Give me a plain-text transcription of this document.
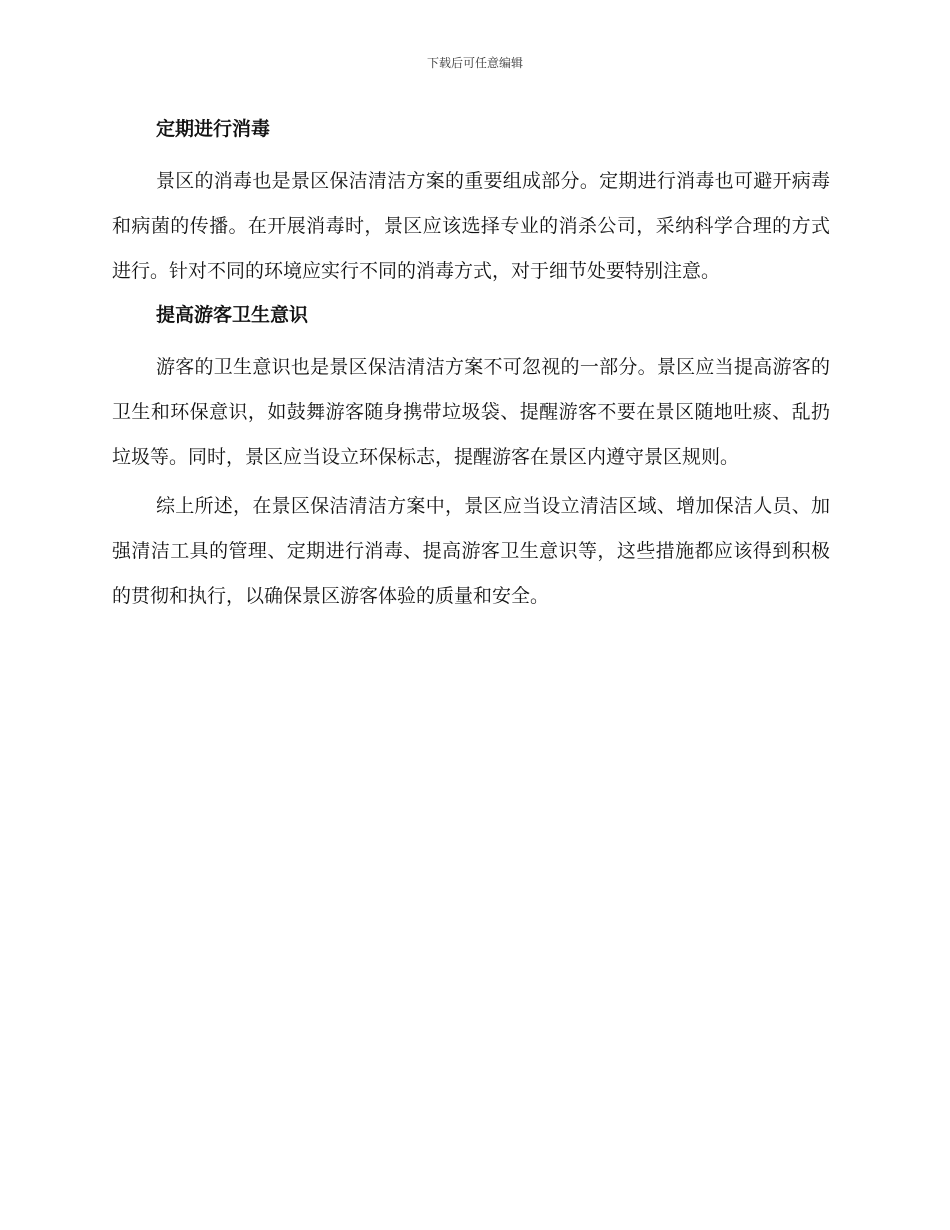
下载后可任意编辑
定期进行消毒

景区的消毒也是景区保洁清洁方案的重要组成部分。定期进行消毒也可避开病毒和病菌的传播。在开展消毒时，景区应该选择专业的消杀公司，采纳科学合理的方式进行。针对不同的环境应实行不同的消毒方式，对于细节处要特别注意。

提高游客卫生意识

游客的卫生意识也是景区保洁清洁方案不可忽视的一部分。景区应当提高游客的卫生和环保意识，如鼓舞游客随身携带垃圾袋、提醒游客不要在景区随地吐痰、乱扔垃圾等。同时，景区应当设立环保标志，提醒游客在景区内遵守景区规则。

综上所述，在景区保洁清洁方案中，景区应当设立清洁区域、增加保洁人员、加强清洁工具的管理、定期进行消毒、提高游客卫生意识等，这些措施都应该得到积极的贯彻和执行，以确保景区游客体验的质量和安全。
